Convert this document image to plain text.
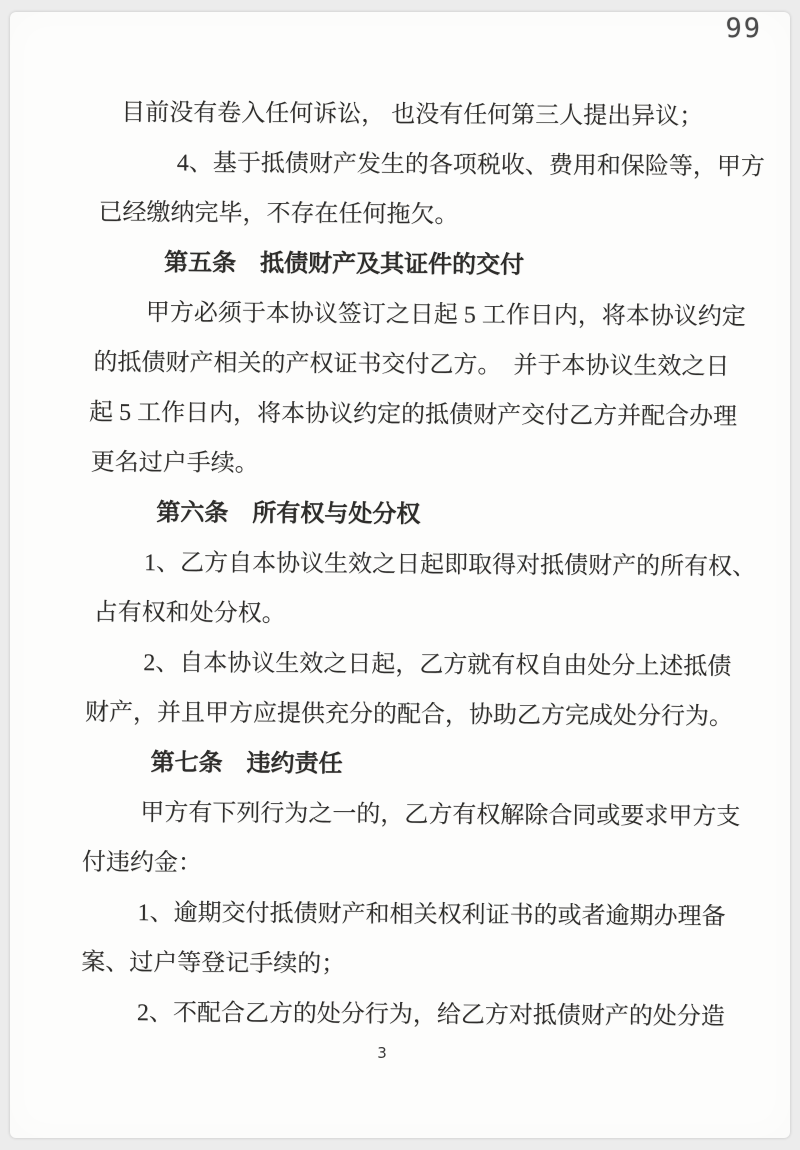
99
目前没有卷入任何诉讼， 也没有任何第三人提出异议；
4、基于抵债财产发生的各项税收、费用和保险等，甲方
已经缴纳完毕，不存在任何拖欠。
第五条　抵债财产及其证件的交付
甲方必须于本协议签订之日起 5 工作日内，将本协议约定
的抵债财产相关的产权证书交付乙方。  并于本协议生效之日
起 5 工作日内，将本协议约定的抵债财产交付乙方并配合办理
更名过户手续。
第六条　所有权与处分权
1、乙方自本协议生效之日起即取得对抵债财产的所有权、
占有权和处分权。
2、自本协议生效之日起，乙方就有权自由处分上述抵债
财产，并且甲方应提供充分的配合，协助乙方完成处分行为。
第七条　违约责任
甲方有下列行为之一的，乙方有权解除合同或要求甲方支
付违约金：
1、逾期交付抵债财产和相关权利证书的或者逾期办理备
案、过户等登记手续的；
2、不配合乙方的处分行为，给乙方对抵债财产的处分造
3
